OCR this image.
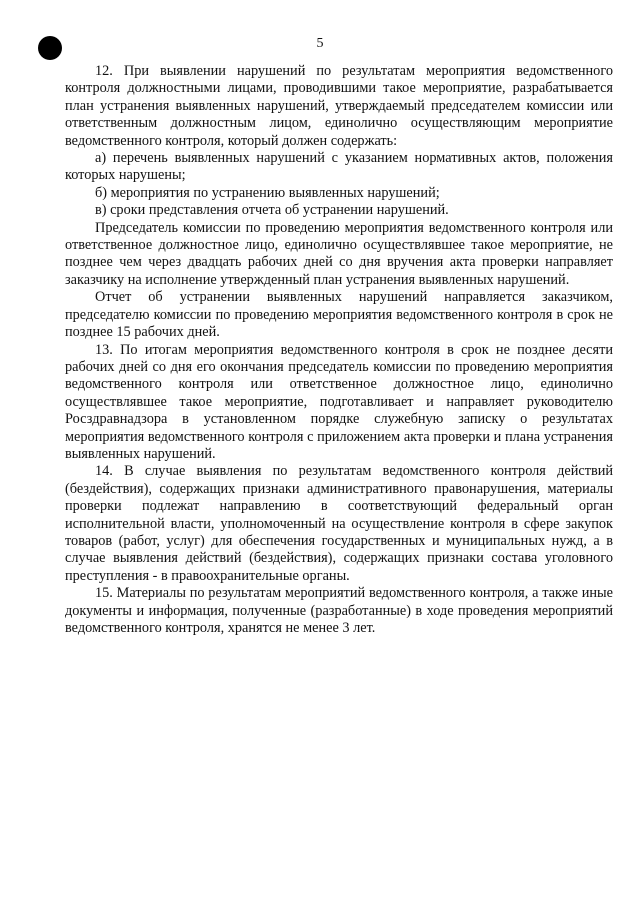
5

12. При выявлении нарушений по результатам мероприятия ведомственного контроля должностными лицами, проводившими такое мероприятие, разрабатывается план устранения выявленных нарушений, утверждаемый председателем комиссии или ответственным должностным лицом, единолично осуществляющим мероприятие ведомственного контроля, который должен содержать:

а) перечень выявленных нарушений с указанием нормативных актов, положения которых нарушены;

б) мероприятия по устранению выявленных нарушений;

в) сроки представления отчета об устранении нарушений.

Председатель комиссии по проведению мероприятия ведомственного контроля или ответственное должностное лицо, единолично осуществлявшее такое мероприятие, не позднее чем через двадцать рабочих дней со дня вручения акта проверки направляет заказчику на исполнение утвержденный план устранения выявленных нарушений.

Отчет об устранении выявленных нарушений направляется заказчиком, председателю комиссии по проведению мероприятия ведомственного контроля в срок не позднее 15 рабочих дней.

13. По итогам мероприятия ведомственного контроля в срок не позднее десяти рабочих дней со дня его окончания председатель комиссии по проведению мероприятия ведомственного контроля или ответственное должностное лицо, единолично осуществлявшее такое мероприятие, подготавливает и направляет руководителю Росздравнадзора в установленном порядке служебную записку о результатах мероприятия ведомственного контроля с приложением акта проверки и плана устранения выявленных нарушений.

14. В случае выявления по результатам ведомственного контроля действий (бездействия), содержащих признаки административного правонарушения, материалы проверки подлежат направлению в соответствующий федеральный орган исполнительной власти, уполномоченный на осуществление контроля в сфере закупок товаров (работ, услуг) для обеспечения государственных и муниципальных нужд, а в случае выявления действий (бездействия), содержащих признаки состава уголовного преступления - в правоохранительные органы.

15. Материалы по результатам мероприятий ведомственного контроля, а также иные документы и информация, полученные (разработанные) в ходе проведения мероприятий ведомственного контроля, хранятся не менее 3 лет.
